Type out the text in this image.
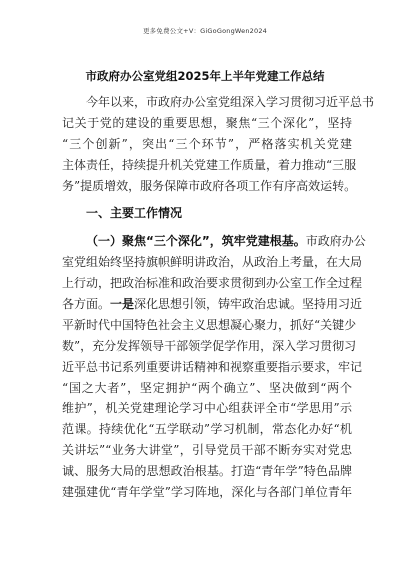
更多免费公文+V：GiGoGongWen2024
市政府办公室党组2025年上半年党建工作总结
今年以来，市政府办公室党组深入学习贯彻习近平总书
记关于党的建设的重要思想，聚焦“三个深化”，坚持
“三个创新”，突出“三个环节”，严格落实机关党建
主体责任，持续提升机关党建工作质量，着力推动“三服
务”提质增效，服务保障市政府各项工作有序高效运转。
一、主要工作情况
（一）聚焦“三个深化”，筑牢党建根基。市政府办公
室党组始终坚持旗帜鲜明讲政治，从政治上考量，在大局
上行动，把政治标准和政治要求贯彻到办公室工作全过程
各方面。一是深化思想引领，铸牢政治忠诚。坚持用习近
平新时代中国特色社会主义思想凝心聚力，抓好“关键少
数”，充分发挥领导干部领学促学作用，深入学习贯彻习
近平总书记系列重要讲话精神和视察重要指示要求，牢记
“国之大者”，坚定拥护“两个确立”、坚决做到“两个
维护”，机关党建理论学习中心组获评全市“学思用”示
范课。持续优化“五学联动”学习机制，常态化办好“机
关讲坛”“业务大讲堂”，引导党员干部不断夯实对党忠
诚、服务大局的思想政治根基。打造“青年学”特色品牌
建强建优“青年学堂”学习阵地，深化与各部门单位青年
